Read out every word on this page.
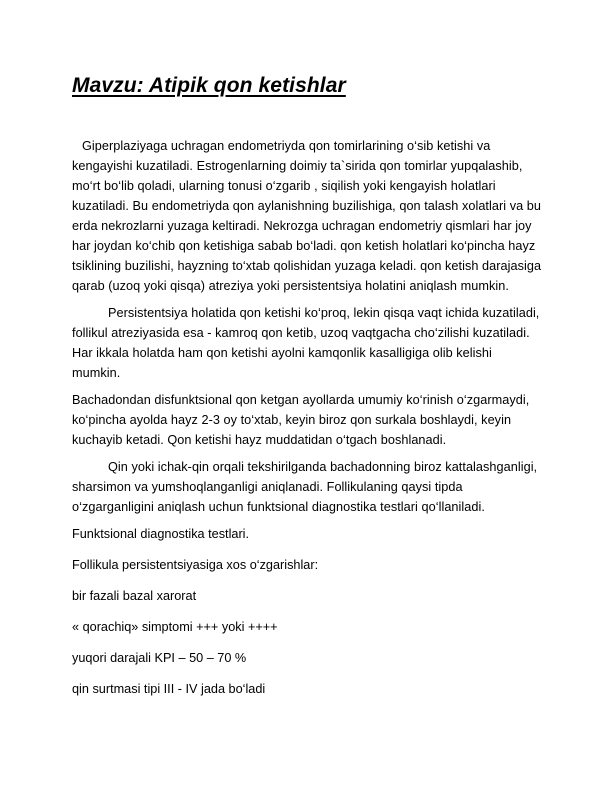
Mavzu: Atipik qon ketishlar

Giperplaziyaga uchragan endometriyda qon tomirlarining o‘sib ketishi va kengayishi kuzatiladi. Estrogenlarning doimiy ta`sirida qon tomirlar yupqalashib, mo‘rt bo‘lib qoladi, ularning tonusi o‘zgarib , siqilish yoki kengayish holatlari kuzatiladi. Bu endometriyda qon aylanishning buzilishiga, qon talash xolatlari va bu erda nekrozlarni yuzaga keltiradi. Nekrozga uchragan endometriy qismlari har joy har joydan ko‘chib qon ketishiga sabab bo‘ladi. qon ketish holatlari ko‘pincha hayz tsiklining buzilishi, hayzning to‘xtab qolishidan yuzaga keladi. qon ketish darajasiga qarab (uzoq yoki qisqa) atreziya yoki persistentsiya holatini aniqlash mumkin.

Persistentsiya holatida qon ketishi ko‘proq, lekin qisqa vaqt ichida kuzatiladi, follikul atreziyasida esa - kamroq qon ketib, uzoq vaqtgacha cho‘zilishi kuzatiladi. Har ikkala holatda ham qon ketishi ayolni kamqonlik kasalligiga olib kelishi mumkin.

Bachadondan disfunktsional qon ketgan ayollarda umumiy ko‘rinish o‘zgarmaydi, ko‘pincha ayolda hayz 2-3 oy to‘xtab, keyin biroz qon surkala boshlaydi, keyin kuchayib ketadi. Qon ketishi hayz muddatidan o‘tgach boshlanadi.

Qin yoki ichak-qin orqali tekshirilganda bachadonning biroz kattalashganligi, sharsimon va yumshoqlanganligi aniqlanadi. Follikulaning qaysi tipda o‘zgarganligini aniqlash uchun funktsional diagnostika testlari qo‘llaniladi.

Funktsional diagnostika testlari.

Follikula persistentsiyasiga xos o‘zgarishlar:

bir fazali bazal xarorat

« qorachiq» simptomi +++ yoki ++++

yuqori darajali KPI – 50 – 70 %

qin surtmasi tipi III - IV jada bo‘ladi
